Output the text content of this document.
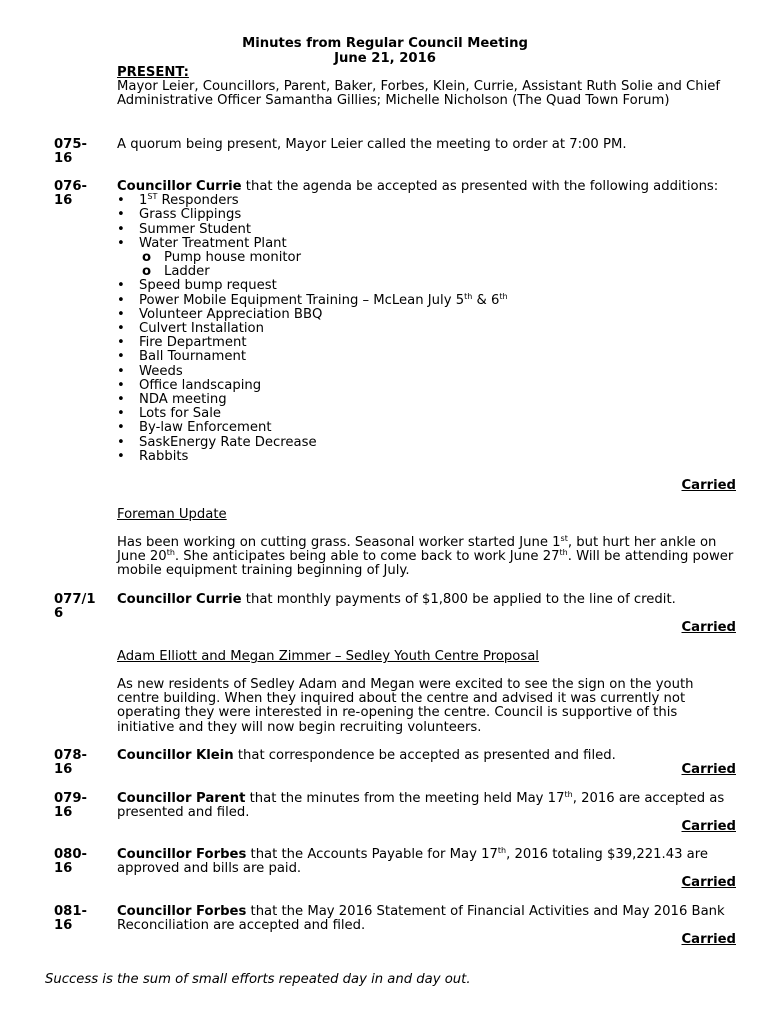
Minutes from Regular Council Meeting
June 21, 2016
PRESENT:
Mayor Leier, Councillors, Parent, Baker, Forbes, Klein, Currie, Assistant Ruth Solie and Chief Administrative Officer Samantha Gillies; Michelle Nicholson (The Quad Town Forum)
075-
16
A quorum being present, Mayor Leier called the meeting to order at 7:00 PM.
076-
16
Councillor Currie that the agenda be accepted as presented with the following additions:
• 1ST Responders
• Grass Clippings
• Summer Student
• Water Treatment Plant
o Pump house monitor
o Ladder
• Speed bump request
• Power Mobile Equipment Training – McLean July 5th & 6th
• Volunteer Appreciation BBQ
• Culvert Installation
• Fire Department
• Ball Tournament
• Weeds
• Office landscaping
• NDA meeting
• Lots for Sale
• By-law Enforcement
• SaskEnergy Rate Decrease
• Rabbits
Carried
Foreman Update
Has been working on cutting grass. Seasonal worker started June 1st, but hurt her ankle on June 20th. She anticipates being able to come back to work June 27th. Will be attending power mobile equipment training beginning of July.
077/1
6
Councillor Currie that monthly payments of $1,800 be applied to the line of credit.
Carried
Adam Elliott and Megan Zimmer – Sedley Youth Centre Proposal
As new residents of Sedley Adam and Megan were excited to see the sign on the youth centre building. When they inquired about the centre and advised it was currently not operating they were interested in re-opening the centre. Council is supportive of this initiative and they will now begin recruiting volunteers.
078-
16
Councillor Klein that correspondence be accepted as presented and filed.
Carried
079-
16
Councillor Parent that the minutes from the meeting held May 17th, 2016 are accepted as presented and filed.
Carried
080-
16
Councillor Forbes that the Accounts Payable for May 17th, 2016 totaling $39,221.43 are approved and bills are paid.
Carried
081-
16
Councillor Forbes that the May 2016 Statement of Financial Activities and May 2016 Bank Reconciliation are accepted and filed.
Carried
Success is the sum of small efforts repeated day in and day out.
